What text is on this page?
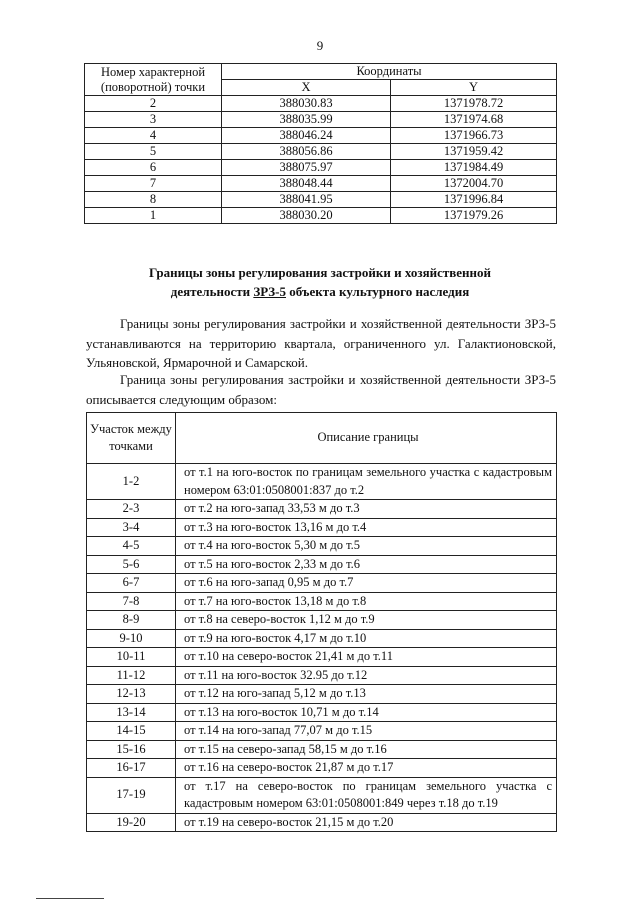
9
Номер характерной (поворотной) точки	Координаты	
	X	Y
2	388030.83	1371978.72
3	388035.99	1371974.68
4	388046.24	1371966.73
5	388056.86	1371959.42
6	388075.97	1371984.49
7	388048.44	1372004.70
8	388041.95	1371996.84
1	388030.20	1371979.26
Границы зоны регулирования застройки и хозяйственной
деятельности ЗРЗ-5 объекта культурного наследия
Границы зоны регулирования застройки и хозяйственной деятельности ЗРЗ-5 устанавливаются на территорию квартала, ограниченного ул. Галактионовской, Ульяновской, Ярмарочной и Самарской.
Граница зоны регулирования застройки и хозяйственной деятельности ЗРЗ-5 описывается следующим образом:
Участок между точками	Описание границы
1-2	от т.1 на юго-восток по границам земельного участка с кадастровым номером 63:01:0508001:837 до т.2
2-3	от т.2 на юго-запад 33,53 м до т.3
3-4	от т.3 на юго-восток 13,16 м до т.4
4-5	от т.4 на юго-восток 5,30 м до т.5
5-6	от т.5 на юго-восток 2,33 м до т.6
6-7	от т.6 на юго-запад 0,95 м до т.7
7-8	от т.7 на юго-восток 13,18 м до т.8
8-9	от т.8 на северо-восток 1,12 м до т.9
9-10	от т.9 на юго-восток 4,17 м до т.10
10-11	от т.10 на северо-восток 21,41 м до т.11
11-12	от т.11 на юго-восток 32.95 до т.12
12-13	от т.12 на юго-запад 5,12 м до т.13
13-14	от т.13 на юго-восток 10,71 м до т.14
14-15	от т.14 на юго-запад 77,07 м до т.15
15-16	от т.15 на северо-запад 58,15 м до т.16
16-17	от т.16 на северо-восток 21,87 м до т.17
17-19	от т.17 на северо-восток по границам земельного участка с кадастровым номером 63:01:0508001:849 через т.18 до т.19
19-20	от т.19 на северо-восток 21,15 м до т.20
